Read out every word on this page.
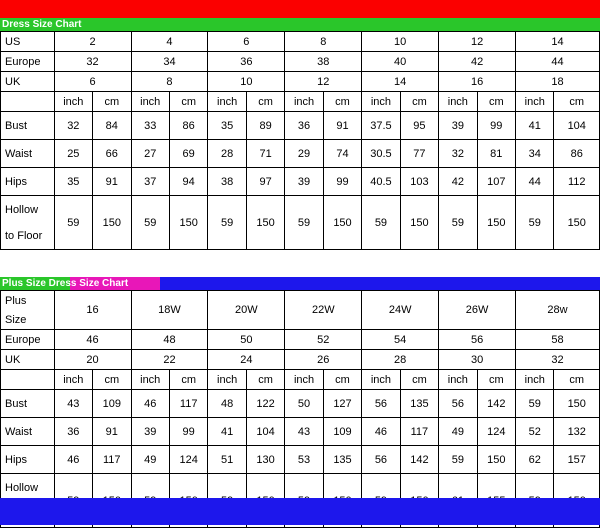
Dress Size Chart
US	2		4		6		8		10		12		14	
Europe	32		34		36		38		40		42		44	
UK	6		8		10		12		14		16		18	
	inch	cm	inch	cm	inch	cm	inch	cm	inch	cm	inch	cm	inch	cm
Bust	32	84	33	86	35	89	36	91	37.5	95	39	99	41	104
Waist	25	66	27	69	28	71	29	74	30.5	77	32	81	34	86
Hips	35	91	37	94	38	97	39	99	40.5	103	42	107	44	112
Hollow	59	150	59	150	59	150	59	150	59	150	59	150	59	150
to Floor														
Plus Size Dress Size Chart
Plus	16		18W		20W		22W		24W		26W		28w	
Size														
Europe	46		48		50		52		54		56		58	
UK	20		22		24		26		28		30		32	
	inch	cm	inch	cm	inch	cm	inch	cm	inch	cm	inch	cm	inch	cm
Bust	43	109	46	117	48	122	50	127	56	135	56	142	59	150
Waist	36	91	39	99	41	104	43	109	46	117	49	124	52	132
Hips	46	117	49	124	51	130	53	135	56	142	59	150	62	157
Hollow														
